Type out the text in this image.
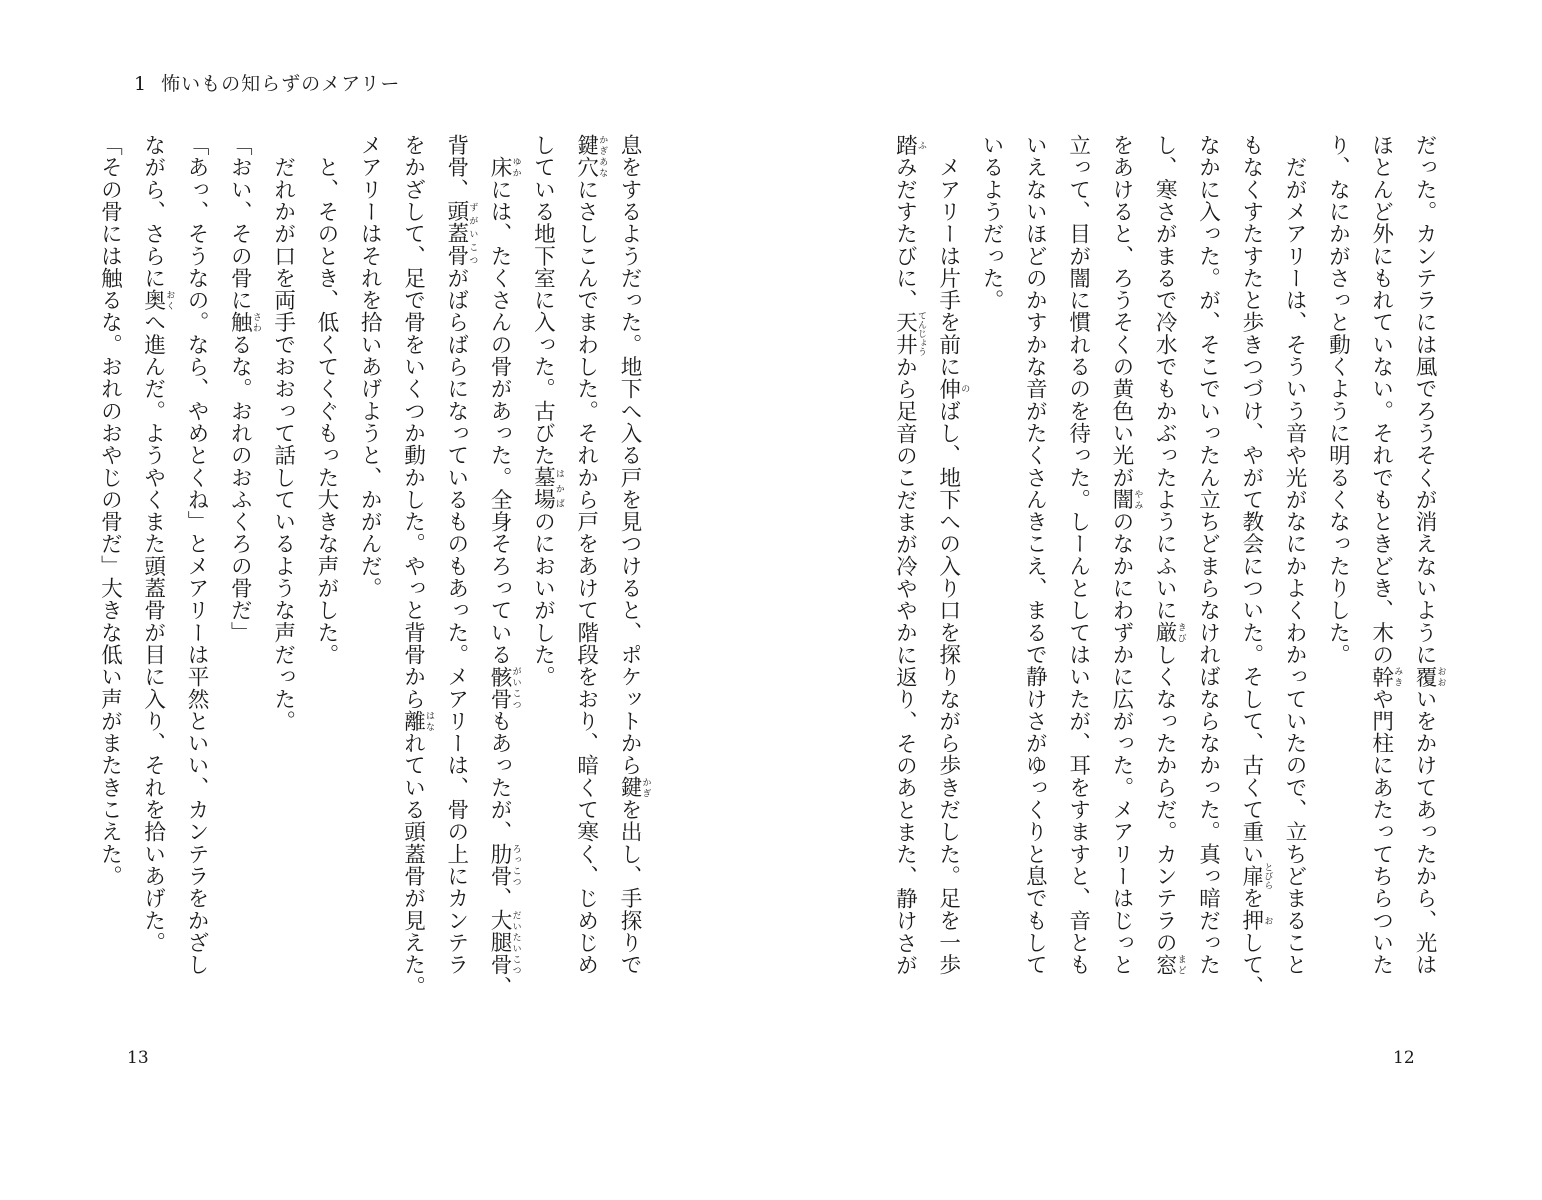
1 怖いもの知らずのメアリー
だった。カンテラには風でろうそくが消えないように覆おおいをかけてあったから、光は
ほとんど外にもれていない。それでもときどき、木の幹みきや門柱にあたってちらついた
り、なにかがさっと動くように明るくなったりした。
　だがメアリーは、そういう音や光がなにかよくわかっていたので、立ちどまること
もなくすたすたと歩きつづけ、やがて教会についた。そして、古くて重い扉とびらを押おして、
なかに入った。が、そこでいったん立ちどまらなければならなかった。真っ暗だった
し、寒さがまるで冷水でもかぶったようにふいに厳きびしくなったからだ。カンテラの窓まど
をあけると、ろうそくの黄色い光が闇やみのなかにわずかに広がった。メアリーはじっと
立って、目が闇に慣れるのを待った。しーんとしてはいたが、耳をすますと、音とも
いえないほどのかすかな音がたくさんきこえ、まるで静けさがゆっくりと息でもして
いるようだった。
　メアリーは片手を前に伸のばし、地下への入り口を探りながら歩きだした。足を一歩
踏ふみだすたびに、天井てんじょうから足音のこだまが冷ややかに返り、そのあとまた、静けさが
息をするようだった。地下へ入る戸を見つけると、ポケットから鍵かぎを出し、手探りで
鍵穴かぎあなにさしこんでまわした。それから戸をあけて階段をおり、暗くて寒く、じめじめ
している地下室に入った。古びた墓場はかばのにおいがした。
　床ゆかには、たくさんの骨があった。全身そろっている骸骨がいこつもあったが、肋骨ろっこつ、大腿骨だいたいこつ、
背骨、頭蓋骨ずがいこつがばらばらになっているものもあった。メアリーは、骨の上にカンテラ
をかざして、足で骨をいくつか動かした。やっと背骨から離はなれている頭蓋骨が見えた。
メアリーはそれを拾いあげようと、かがんだ。
　と、そのとき、低くてくぐもった大きな声がした。
　だれかが口を両手でおおって話しているような声だった。
「おい、その骨に触さわるな。おれのおふくろの骨だ」
「あっ、そうなの。なら、やめとくね」とメアリーは平然といい、カンテラをかざし
ながら、さらに奥おくへ進んだ。ようやくまた頭蓋骨が目に入り、それを拾いあげた。
「その骨には触るな。おれのおやじの骨だ」大きな低い声がまたきこえた。
13	12
